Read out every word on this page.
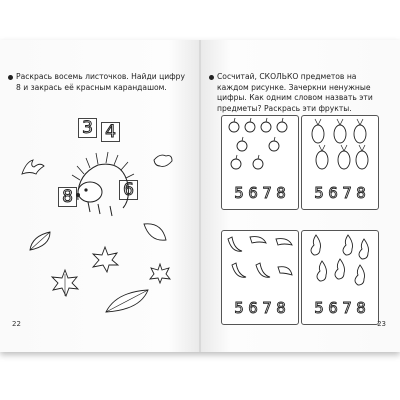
Раскрась восемь листочков. Найди цифру 8 и закрась её красным карандашом.
3 4
8	6
22
Сосчитай, СКОЛЬКО предметов на каждом рисунке. Зачеркни ненужные цифры. Как одним словом назвать эти предметы? Раскрась эти фрукты.
5 6 7 8 5 6 7 8
5 6 7 8 5 6 7 8
23
